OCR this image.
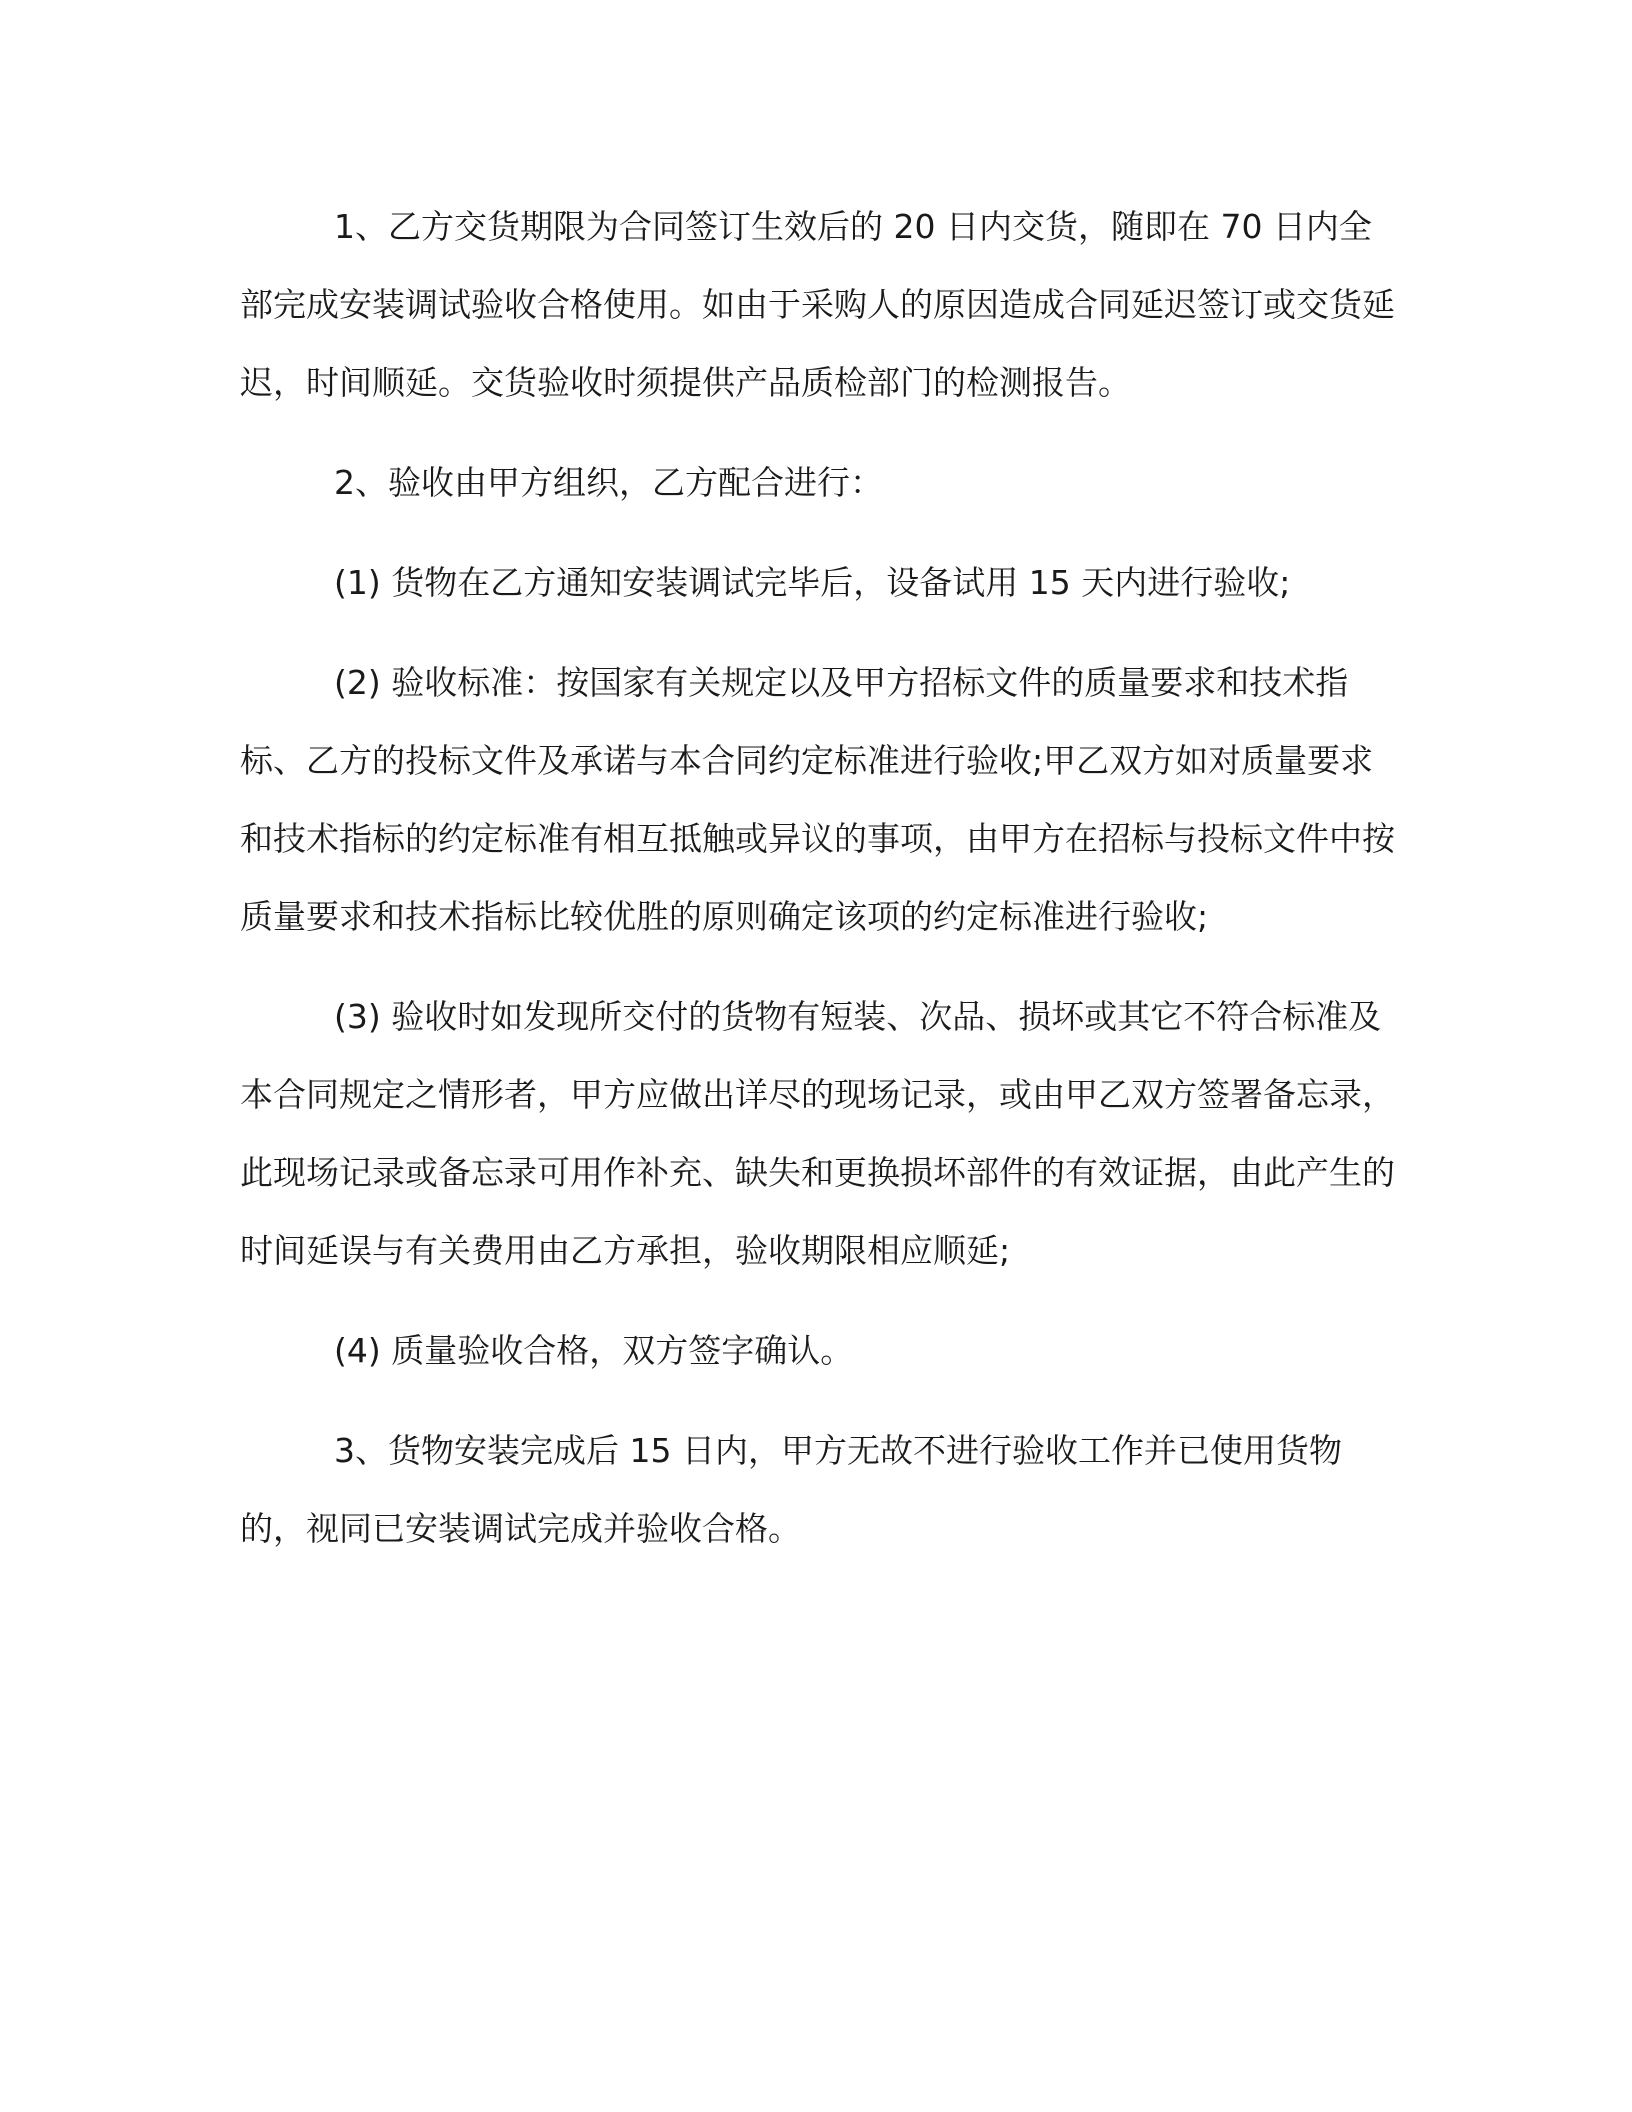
1、乙方交货期限为合同签订生效后的 20 日内交货，随即在 70 日内全部完成安装调试验收合格使用。如由于采购人的原因造成合同延迟签订或交货延迟，时间顺延。交货验收时须提供产品质检部门的检测报告。

2、验收由甲方组织，乙方配合进行：

(1) 货物在乙方通知安装调试完毕后，设备试用 15 天内进行验收;

(2) 验收标准：按国家有关规定以及甲方招标文件的质量要求和技术指标、乙方的投标文件及承诺与本合同约定标准进行验收;甲乙双方如对质量要求和技术指标的约定标准有相互抵触或异议的事项，由甲方在招标与投标文件中按质量要求和技术指标比较优胜的原则确定该项的约定标准进行验收;

(3) 验收时如发现所交付的货物有短装、次品、损坏或其它不符合标准及本合同规定之情形者，甲方应做出详尽的现场记录，或由甲乙双方签署备忘录，此现场记录或备忘录可用作补充、缺失和更换损坏部件的有效证据，由此产生的时间延误与有关费用由乙方承担，验收期限相应顺延;

(4) 质量验收合格，双方签字确认。

3、货物安装完成后 15 日内，甲方无故不进行验收工作并已使用货物的，视同已安装调试完成并验收合格。
